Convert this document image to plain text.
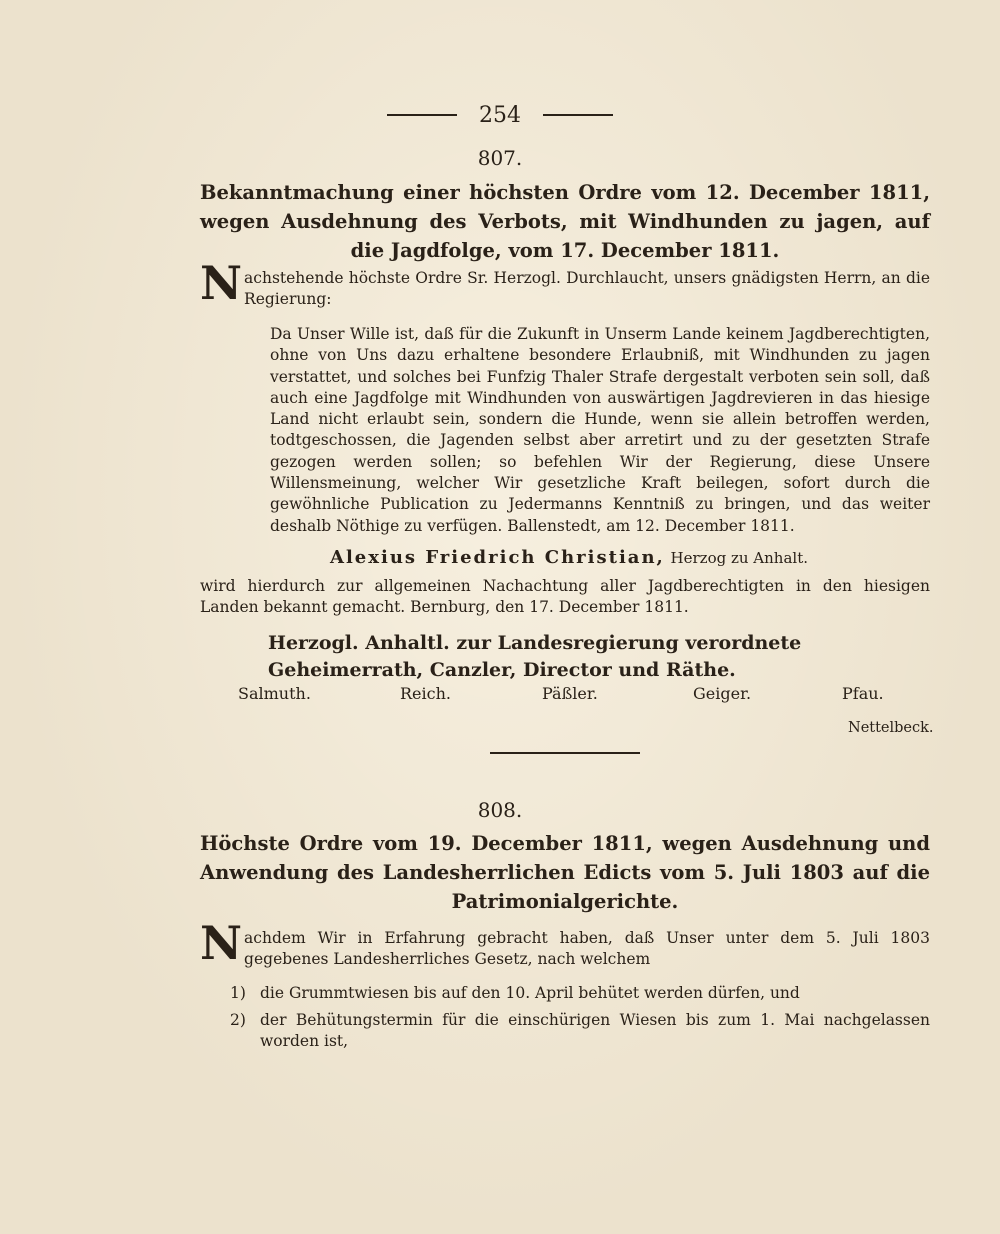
254
807.
Bekanntmachung einer höchsten Ordre vom 12. December 1811, wegen Ausdehnung des Verbots, mit Windhunden zu jagen, auf die Jagdfolge, vom 17. December 1811.
Nachstehende höchste Ordre Sr. Herzogl. Durchlaucht, unsers gnädigsten Herrn, an die Regierung:
Da Unser Wille ist, daß für die Zukunft in Unserm Lande keinem Jagdberechtigten, ohne von Uns dazu erhaltene besondere Erlaubniß, mit Windhunden zu jagen verstattet, und solches bei Funfzig Thaler Strafe dergestalt verboten sein soll, daß auch eine Jagdfolge mit Windhunden von auswärtigen Jagdrevieren in das hiesige Land nicht erlaubt sein, sondern die Hunde, wenn sie allein betroffen werden, todtgeschossen, die Jagenden selbst aber arretirt und zu der gesetzten Strafe gezogen werden sollen; so befehlen Wir der Regierung, diese Unsere Willensmeinung, welcher Wir gesetzliche Kraft beilegen, sofort durch die gewöhnliche Publication zu Jedermanns Kenntniß zu bringen, und das weiter deshalb Nöthige zu verfügen. Ballenstedt, am 12. December 1811.
Alexius Friedrich Christian, Herzog zu Anhalt.
wird hierdurch zur allgemeinen Nachachtung aller Jagdberechtigten in den hiesigen Landen bekannt gemacht. Bernburg, den 17. December 1811.
Herzogl. Anhaltl. zur Landesregierung verordnete Geheimerrath, Canzler, Director und Räthe.
Salmuth.	Reich.	Päßler.	Geiger.	Pfau.
Nettelbeck.
808.
Höchste Ordre vom 19. December 1811, wegen Ausdehnung und Anwendung des Landesherrlichen Edicts vom 5. Juli 1803 auf die Patrimonialgerichte.
Nachdem Wir in Erfahrung gebracht haben, daß Unser unter dem 5. Juli 1803 gegebenes Landesherrliches Gesetz, nach welchem
1) die Grummtwiesen bis auf den 10. April behütet werden dürfen, und
2) der Behütungstermin für die einschürigen Wiesen bis zum 1. Mai nachgelassen worden ist,
